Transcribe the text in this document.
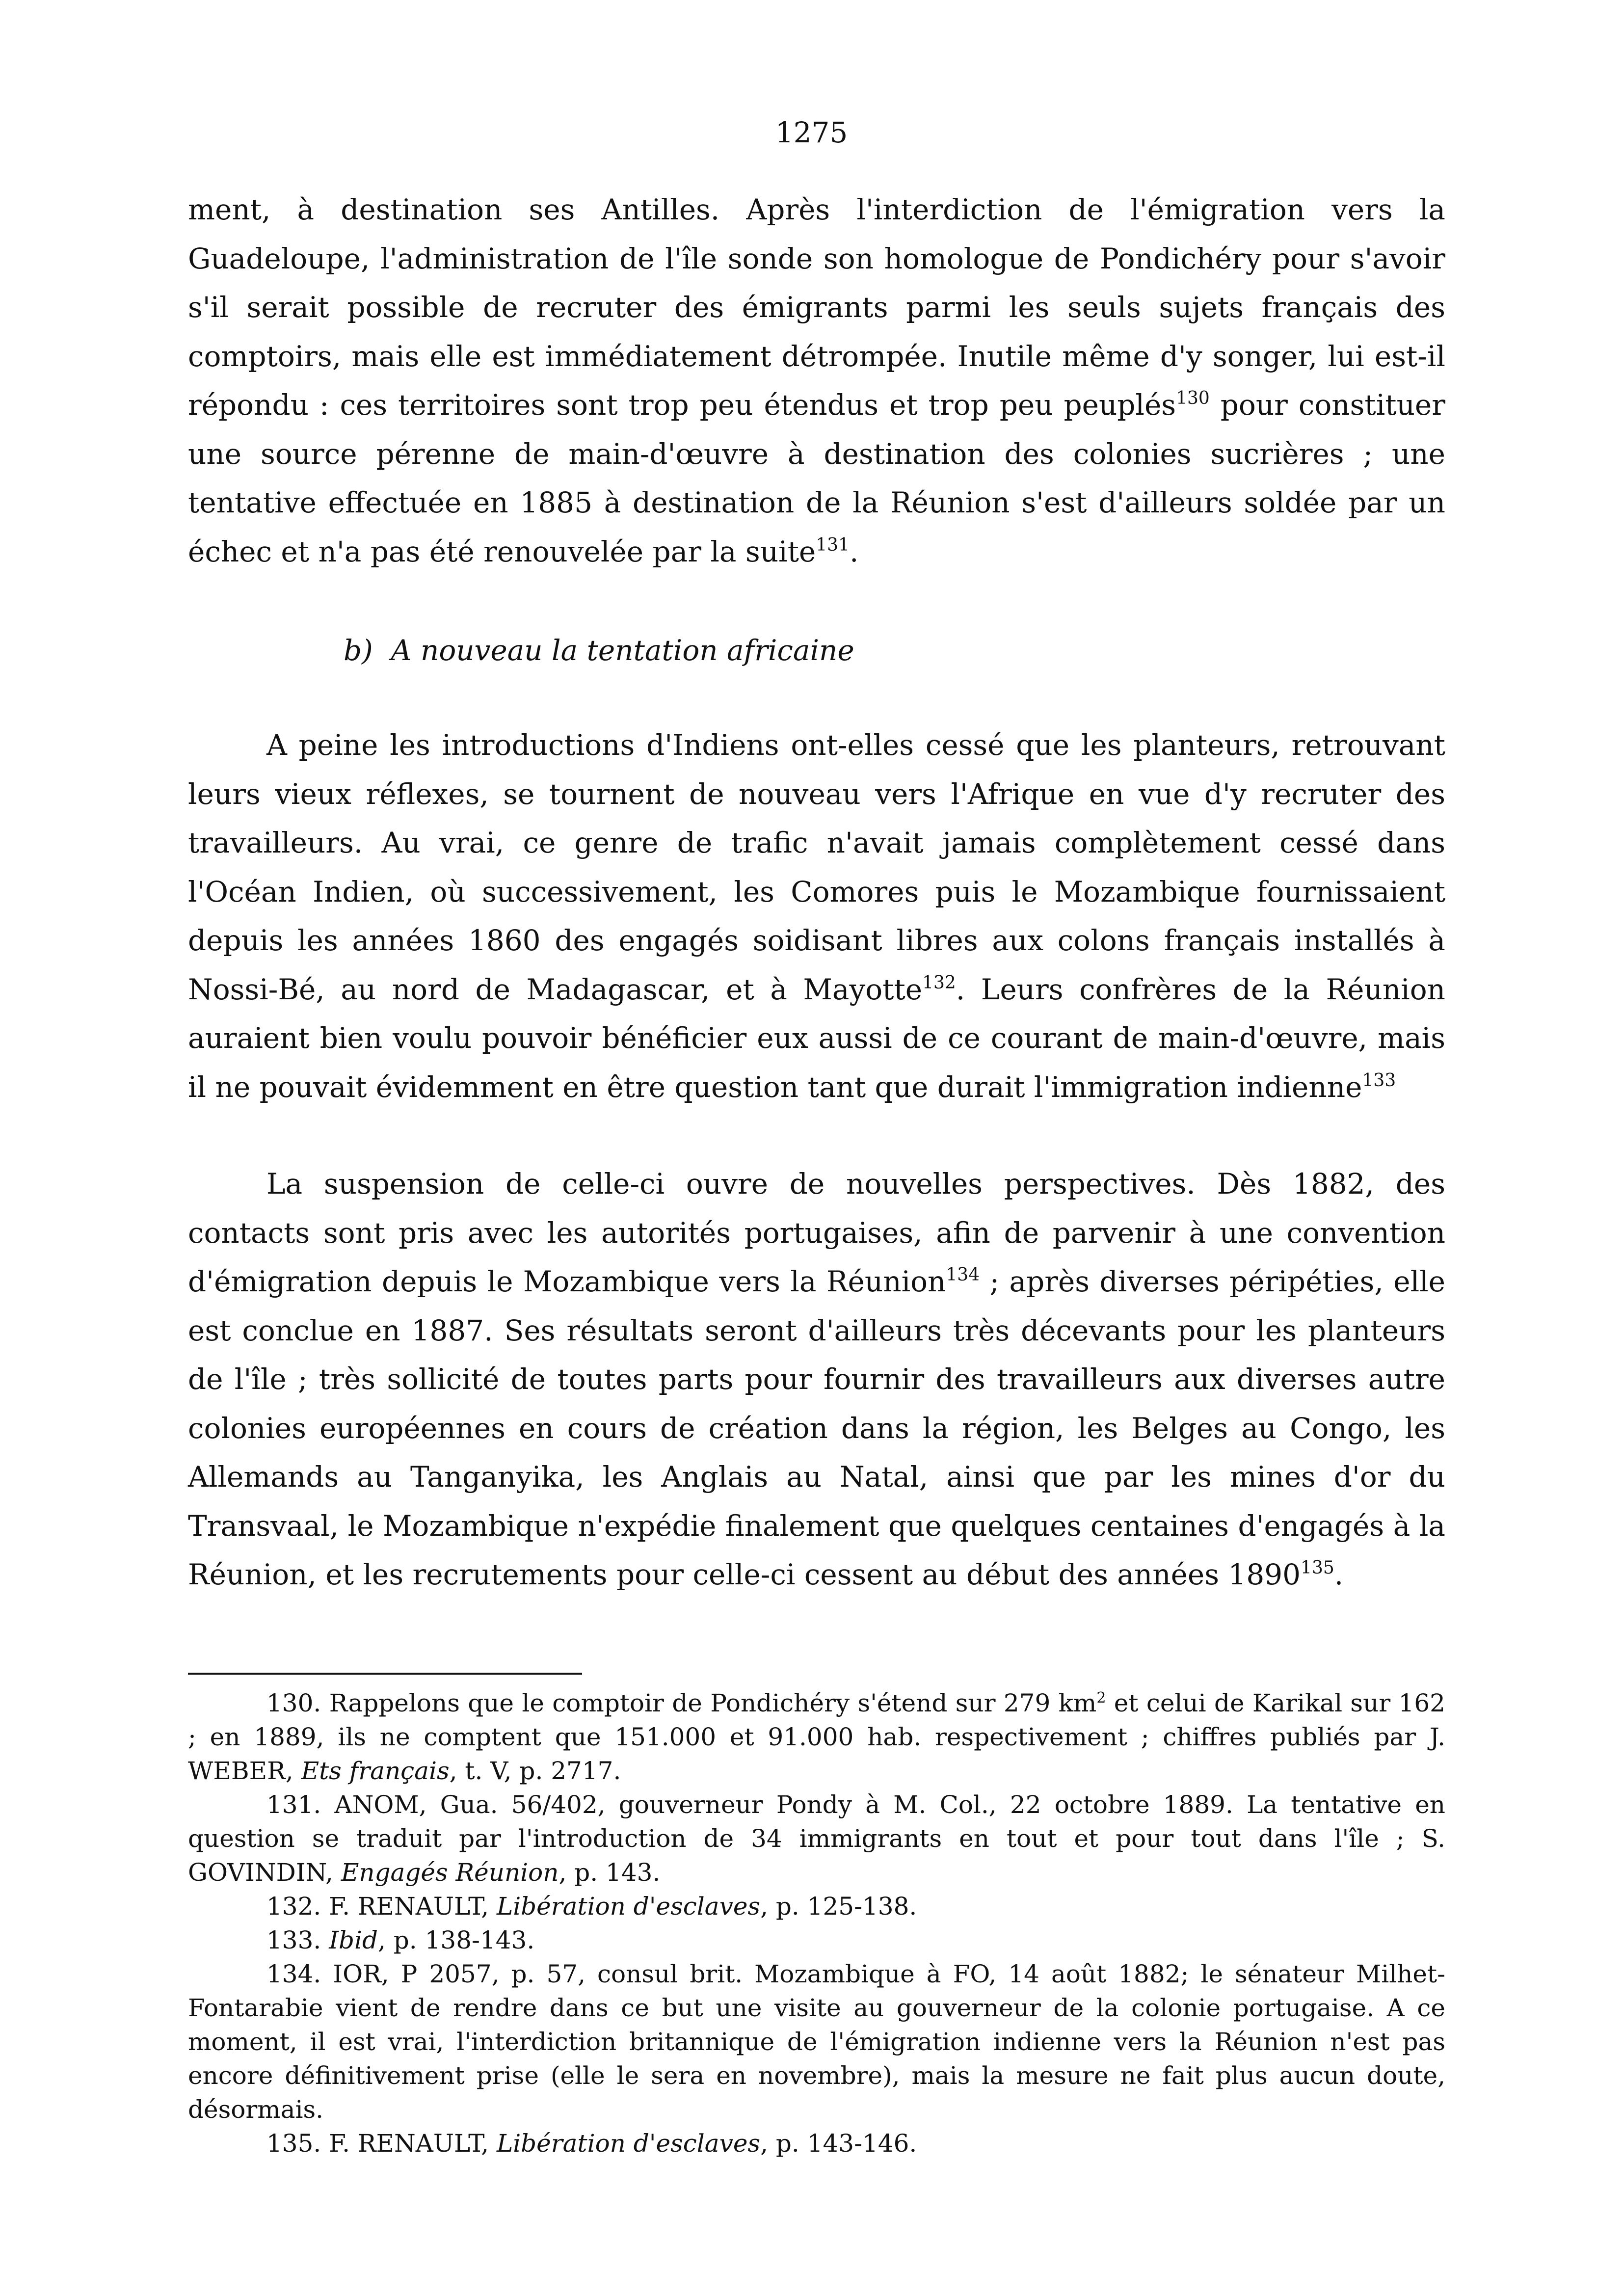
1275

ment, à destination ses Antilles. Après l'interdiction de l'émigration vers la Guadeloupe, l'administration de l'île sonde son homologue de Pondichéry pour s'avoir s'il serait possible de recruter des émigrants parmi les seuls sujets français des comptoirs, mais elle est immédiatement détrompée. Inutile même d'y songer, lui est-il répondu : ces territoires sont trop peu étendus et trop peu peuplés$^{130}$ pour constituer une source pérenne de main-d'œuvre à destination des colonies sucrières ; une tentative effectuée en 1885 à destination de la Réunion s'est d'ailleurs soldée par un échec et n'a pas été renouvelée par la suite$^{131}$.

b) A nouveau la tentation africaine

A peine les introductions d'Indiens ont-elles cessé que les planteurs, retrouvant leurs vieux réflexes, se tournent de nouveau vers l'Afrique en vue d'y recruter des travailleurs. Au vrai, ce genre de trafic n'avait jamais complètement cessé dans l'Océan Indien, où successivement, les Comores puis le Mozambique fournissaient depuis les années 1860 des engagés soidisant libres aux colons français installés à Nossi-Bé, au nord de Madagascar, et à Mayotte$^{132}$. Leurs confrères de la Réunion auraient bien voulu pouvoir bénéficier eux aussi de ce courant de main-d'œuvre, mais il ne pouvait évidemment en être question tant que durait l'immigration indienne$^{133}$

La suspension de celle-ci ouvre de nouvelles perspectives. Dès 1882, des contacts sont pris avec les autorités portugaises, afin de parvenir à une convention d'émigration depuis le Mozambique vers la Réunion$^{134}$ ; après diverses péripéties, elle est conclue en 1887. Ses résultats seront d'ailleurs très décevants pour les planteurs de l'île ; très sollicité de toutes parts pour fournir des travailleurs aux diverses autre colonies européennes en cours de création dans la région, les Belges au Congo, les Allemands au Tanganyika, les Anglais au Natal, ainsi que par les mines d'or du Transvaal, le Mozambique n'expédie finalement que quelques centaines d'engagés à la Réunion, et les recrutements pour celle-ci cessent au début des années 1890$^{135}$.

130. Rappelons que le comptoir de Pondichéry s'étend sur 279 $km^2$ et celui de Karikal sur 162 ; en 1889, ils ne comptent que 151.000 et 91.000 hab. respectivement ; chiffres publiés par J. WEBER, Ets français, t. V, p. 2717.

131. ANOM, Gua. 56/402, gouverneur Pondy à M. Col., 22 octobre 1889. La tentative en question se traduit par l'introduction de 34 immigrants en tout et pour tout dans l'île ; S. GOVINDIN, Engagés Réunion, p. 143.

132. F. RENAULT, Libération d'esclaves, p. 125-138.

133. Ibid, p. 138-143.

134. IOR, P 2057, p. 57, consul brit. Mozambique à FO, 14 août 1882; le sénateur Milhet-Fontarabie vient de rendre dans ce but une visite au gouverneur de la colonie portugaise. A ce moment, il est vrai, l'interdiction britannique de l'émigration indienne vers la Réunion n'est pas encore définitivement prise (elle le sera en novembre), mais la mesure ne fait plus aucun doute, désormais.

135. F. RENAULT, Libération d'esclaves, p. 143-146.
